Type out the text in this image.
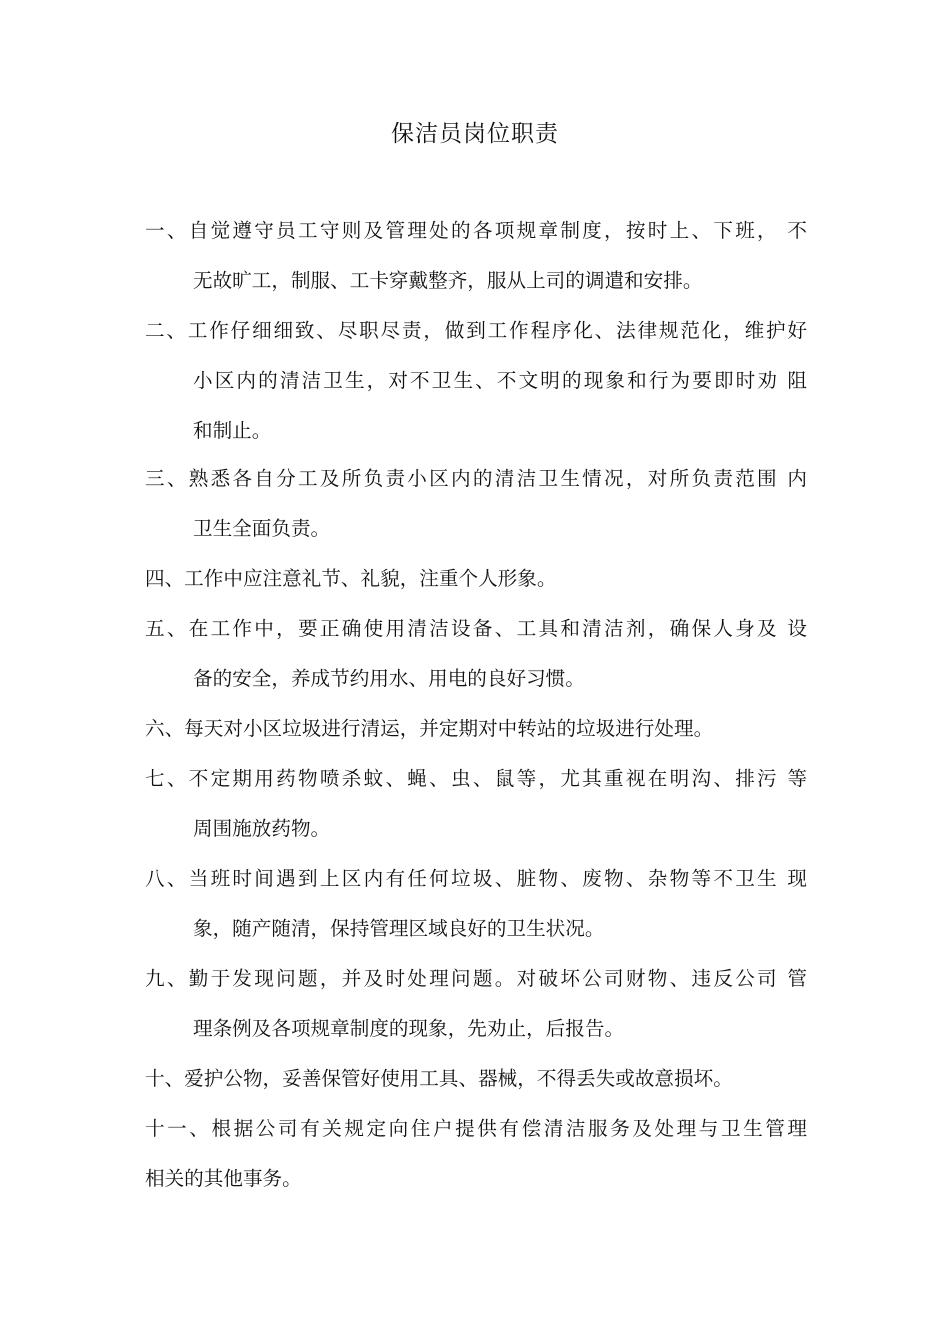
保洁员岗位职责
一、自觉遵守员工守则及管理处的各项规章制度，按时上、下班， 不
无故旷工，制服、工卡穿戴整齐，服从上司的调遣和安排。
二、工作仔细细致、尽职尽责，做到工作程序化、法律规范化，维护好
小区内的清洁卫生，对不卫生、不文明的现象和行为要即时劝 阻
和制止。
三、熟悉各自分工及所负责小区内的清洁卫生情况，对所负责范围 内
卫生全面负责。
四、工作中应注意礼节、礼貌，注重个人形象。
五、在工作中，要正确使用清洁设备、工具和清洁剂，确保人身及 设
备的安全，养成节约用水、用电的良好习惯。
六、每天对小区垃圾进行清运，并定期对中转站的垃圾进行处理。
七、不定期用药物喷杀蚊、蝇、虫、鼠等，尤其重视在明沟、排污 等
周围施放药物。
八、当班时间遇到上区内有任何垃圾、脏物、废物、杂物等不卫生 现
象，随产随清，保持管理区域良好的卫生状况。
九、勤于发现问题，并及时处理问题。对破坏公司财物、违反公司 管
理条例及各项规章制度的现象，先劝止，后报告。
十、爱护公物，妥善保管好使用工具、器械，不得丢失或故意损坏。
十一、根据公司有关规定向住户提供有偿清洁服务及处理与卫生管理
相关的其他事务。
